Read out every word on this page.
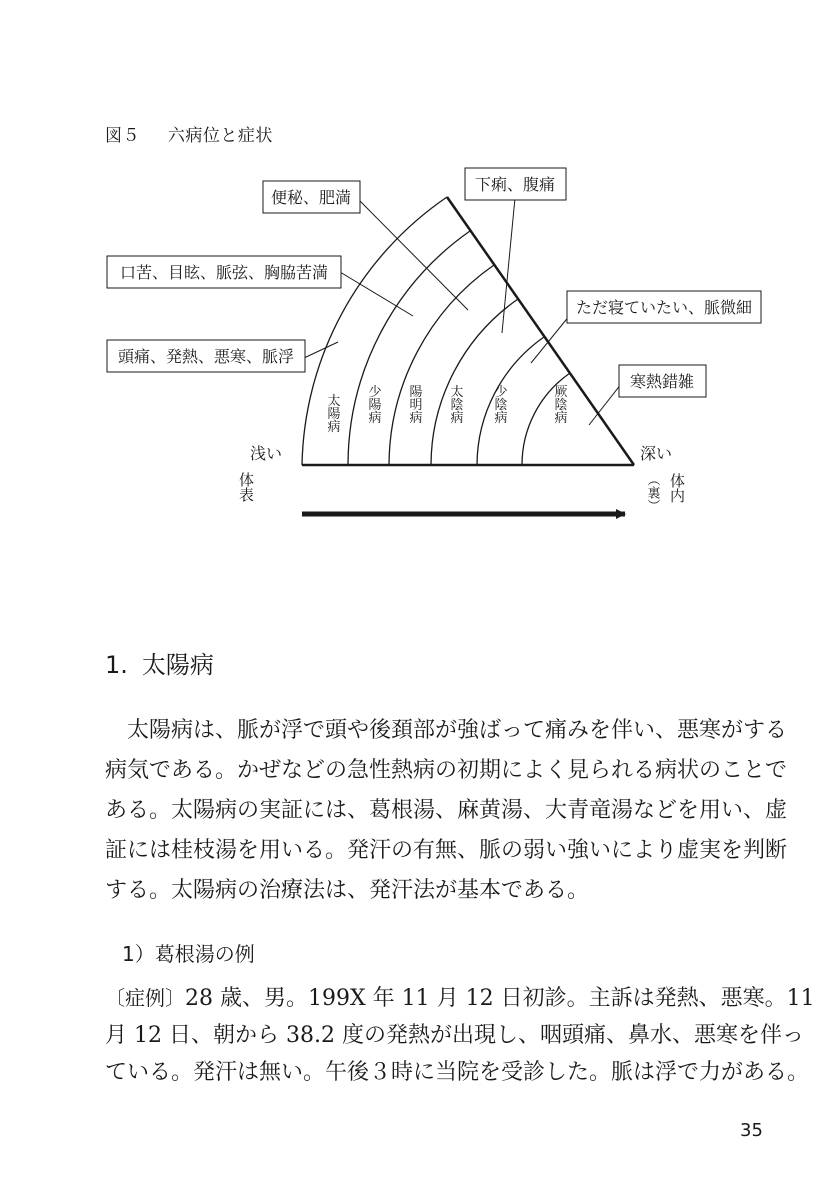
図５ 六病位と症状
太陽病 少陽病 陽明病 太陰病 少陰病	厥陰病
便秘、肥満
下痢、腹痛
口苦、目眩、脈弦、胸脇苦満
ただ寝ていたい、脈微細
頭痛、発熱、悪寒、脈浮
寒熱錯雑
浅い	深い
体表	体内
（裏）
1. 太陽病
　太陽病は、脈が浮で頭や後頚部が強ばって痛みを伴い、悪寒がする
病気である。かぜなどの急性熱病の初期によく見られる病状のことで
ある。太陽病の実証には、葛根湯、麻黄湯、大青竜湯などを用い、虚
証には桂枝湯を用いる。発汗の有無、脈の弱い強いにより虚実を判断
する。太陽病の治療法は、発汗法が基本である。
1）葛根湯の例
〔症例〕28 歳、男。199X 年 11 月 12 日初診。主訴は発熱、悪寒。11
月 12 日、朝から 38.2 度の発熱が出現し、咽頭痛、鼻水、悪寒を伴っ
ている。発汗は無い。午後３時に当院を受診した。脈は浮で力がある。
35
